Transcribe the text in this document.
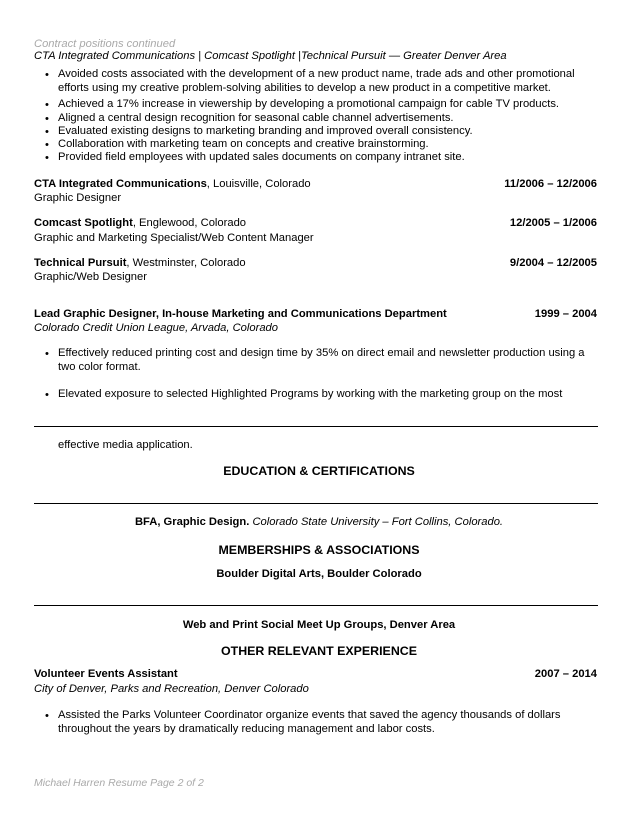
Contract positions continued
CTA Integrated Communications | Comcast Spotlight |Technical Pursuit — Greater Denver Area
• Avoided costs associated with the development of a new product name, trade ads and other promotional efforts using my creative problem-solving abilities to develop a new product in a competitive market.
• Achieved a 17% increase in viewership by developing a promotional campaign for cable TV products.
• Aligned a central design recognition for seasonal cable channel advertisements.
• Evaluated existing designs to marketing branding and improved overall consistency.
• Collaboration with marketing team on concepts and creative brainstorming.
• Provided field employees with updated sales documents on company intranet site.
CTA Integrated Communications, Louisville, Colorado	11/2006 – 12/2006
Graphic Designer
Comcast Spotlight, Englewood, Colorado	12/2005 – 1/2006
Graphic and Marketing Specialist/Web Content Manager
Technical Pursuit, Westminster, Colorado	9/2004 – 12/2005
Graphic/Web Designer
Lead Graphic Designer, In-house Marketing and Communications Department	1999 – 2004
Colorado Credit Union League, Arvada, Colorado
• Effectively reduced printing cost and design time by 35% on direct email and newsletter production using a two color format.
• Elevated exposure to selected Highlighted Programs by working with the marketing group on the most
effective media application.
EDUCATION & CERTIFICATIONS
BFA, Graphic Design. Colorado State University – Fort Collins, Colorado.
MEMBERSHIPS & ASSOCIATIONS
Boulder Digital Arts, Boulder Colorado
Web and Print Social Meet Up Groups, Denver Area
OTHER RELEVANT EXPERIENCE
Volunteer Events Assistant	2007 – 2014
City of Denver, Parks and Recreation, Denver Colorado
• Assisted the Parks Volunteer Coordinator organize events that saved the agency thousands of dollars throughout the years by dramatically reducing management and labor costs.
Michael Harren Resume Page 2 of 2
